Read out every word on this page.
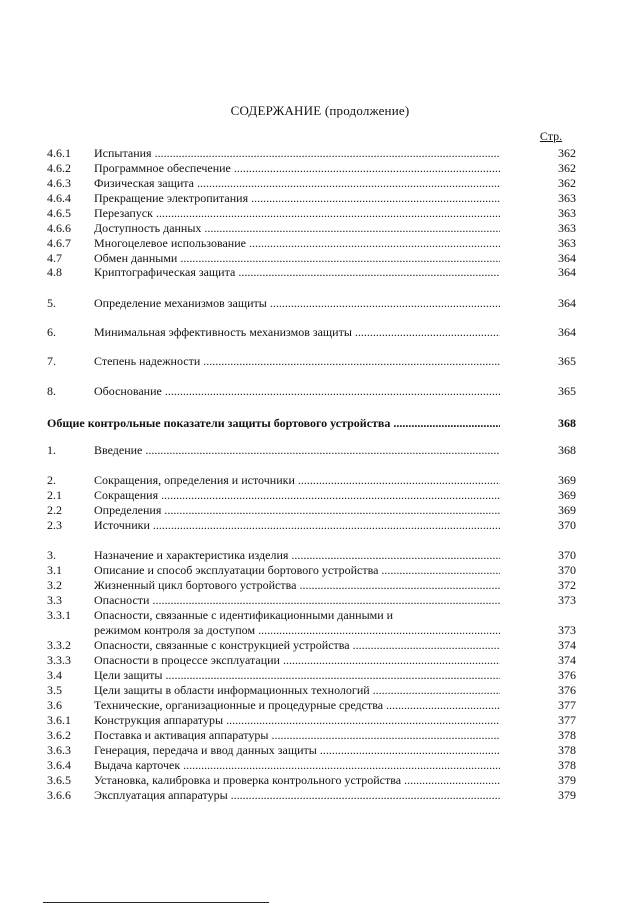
СОДЕРЖАНИЕ (продолжение)
Стр.
4.6.1 Испытания .....	362
4.6.2 Программное обеспечение .....	362
4.6.3 Физическая защита .....	362
4.6.4 Прекращение электропитания .....	363
4.6.5 Перезапуск .....	363
4.6.6 Доступность данных .....	363
4.6.7 Многоцелевое использование .....	363
4.7	Обмен данными .....	364
4.8	Криптографическая защита .....	364
5.	Определение механизмов защиты .....	364
6.	Минимальная эффективность механизмов защиты .....	364
7.	Степень надежности .....	365
8.	Обоснование .....	365
Общие контрольные показатели защиты бортового устройства .....	368
1.	Введение .....	368
2.	Сокращения, определения и источники .....	369
2.1	Сокращения .....	369
2.2	Определения .....	369
2.3	Источники .....	370
3.	Назначение и характеристика изделия .....	370
3.1	Описание и способ эксплуатации бортового устройства .....	370
3.2	Жизненный цикл бортового устройства .....	372
3.3	Опасности .....	373
3.3.1 Опасности, связанные с идентификационными данными и
режимом контроля за доступом .....	373
3.3.2 Опасности, связанные с конструкцией устройства .....	374
3.3.3 Опасности в процессе эксплуатации .....	374
3.4	Цели защиты .....	376
3.5	Цели защиты в области информационных технологий .....	376
3.6	Технические, организационные и процедурные средства .....	377
3.6.1 Конструкция аппаратуры .....	377
3.6.2 Поставка и активация аппаратуры .....	378
3.6.3 Генерация, передача и ввод данных защиты .....	378
3.6.4 Выдача карточек .....	378
3.6.5 Установка, калибровка и проверка контрольного устройства .....	379
3.6.6 Эксплуатация аппаратуры .....	379
